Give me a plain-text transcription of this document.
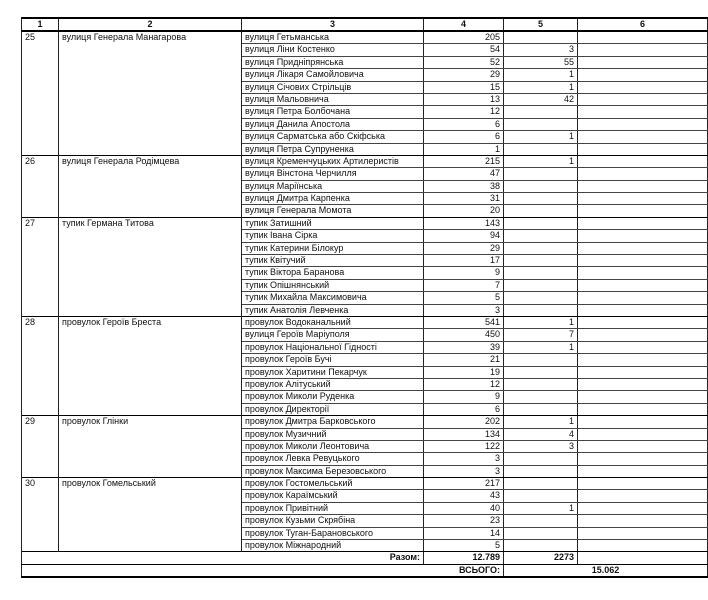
1	2	3	4	5	6
25	вулиця Генерала Манагарова	вулиця Гетьманська	205		
		вулиця Ліни Костенко	54	3	
		вулиця Придніпрянська	52	55	
		вулиця Лікаря Самойловича	29	1	
		вулиця Січових Стрільців	15	1	
		вулиця Мальовнича	13	42	
		вулиця Петра Болбочана	12		
		вулиця Данила Апостола	6		
		вулиця Сарматська або Скіфська	6	1	
		вулиця Петра Супруненка	1		
26	вулиця Генерала Родімцева	вулиця Кременчуцьких Артилеристів	215	1	
		вулиця Вінстона Черчилля	47		
		вулиця Маріїнська	38		
		вулиця Дмитра Карпенка	31		
		вулиця Генерала Момота	20		
27	тупик Германа Титова	тупик Затишний	143		
		тупик Івана Сірка	94		
		тупик Катерини Білокур	29		
		тупик Квітучий	17		
		тупик Віктора Баранова	9		
		тупик Опішнянський	7		
		тупик Михайла Максимовича	5		
		тупик Анатолія Левченка	3		
28	провулок Героїв Бреста	провулок Водоканальний	541	1	
		вулиця Героїв Маріуполя	450	7	
		провулок Національної Гідності	39	1	
		провулок Героїв Бучі	21		
		провулок Харитини Пекарчук	19		
		провулок Алітуський	12		
		провулок Миколи Руденка	9		
		провулок Директорії	6		
29	провулок Глінки	провулок Дмитра Барковського	202	1	
		провулок Музичний	134	4	
		провулок Миколи Леонтовича	122	3	
		провулок Левка Ревуцького	3		
		провулок Максима Березовського	3		
30	провулок Гомельський	провулок Гостомельський	217		
		провулок Караїмський	43		
		провулок Привітний	40	1	
		провулок Кузьми Скрябіна	23		
		провулок Туган-Барановського	14		
		провулок Міжнародний	5		
Разом:			12.789	2273	
ВСЬОГО:				15.062	
